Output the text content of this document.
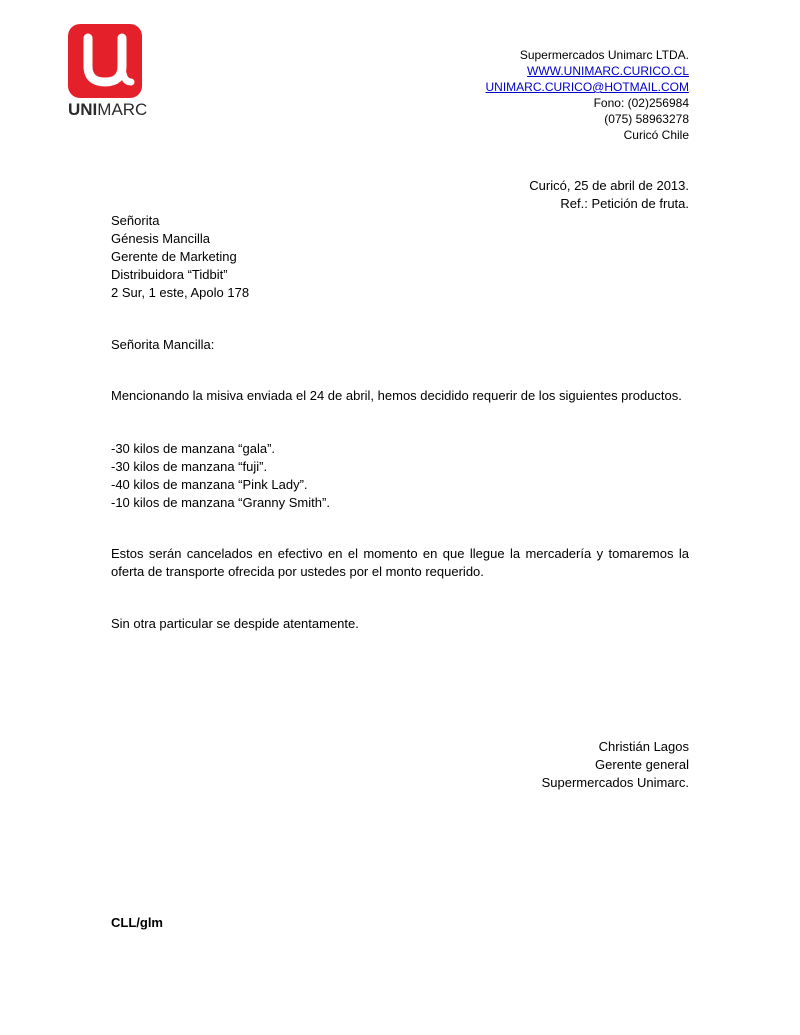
UNIMARC
Supermercados Unimarc LTDA.
WWW.UNIMARC.CURICO.CL
UNIMARC.CURICO@HOTMAIL.COM
Fono: (02)256984
(075) 58963278
Curicó Chile
Curicó, 25 de abril de 2013.
Ref.: Petición de fruta.
Señorita
Génesis Mancilla
Gerente de Marketing
Distribuidora “Tidbit”
2 Sur, 1 este, Apolo 178
Señorita Mancilla:
Mencionando la misiva enviada el 24 de abril, hemos decidido requerir de los siguientes productos.
-30 kilos de manzana “gala”.
-30 kilos de manzana “fuji”.
-40 kilos de manzana “Pink Lady”.
-10 kilos de manzana “Granny Smith”.
Estos serán cancelados en efectivo en el momento en que llegue la mercadería y tomaremos la oferta de transporte ofrecida por ustedes por el monto requerido.
Sin otra particular se despide atentamente.
Christián Lagos
Gerente general
Supermercados Unimarc.
CLL/glm
